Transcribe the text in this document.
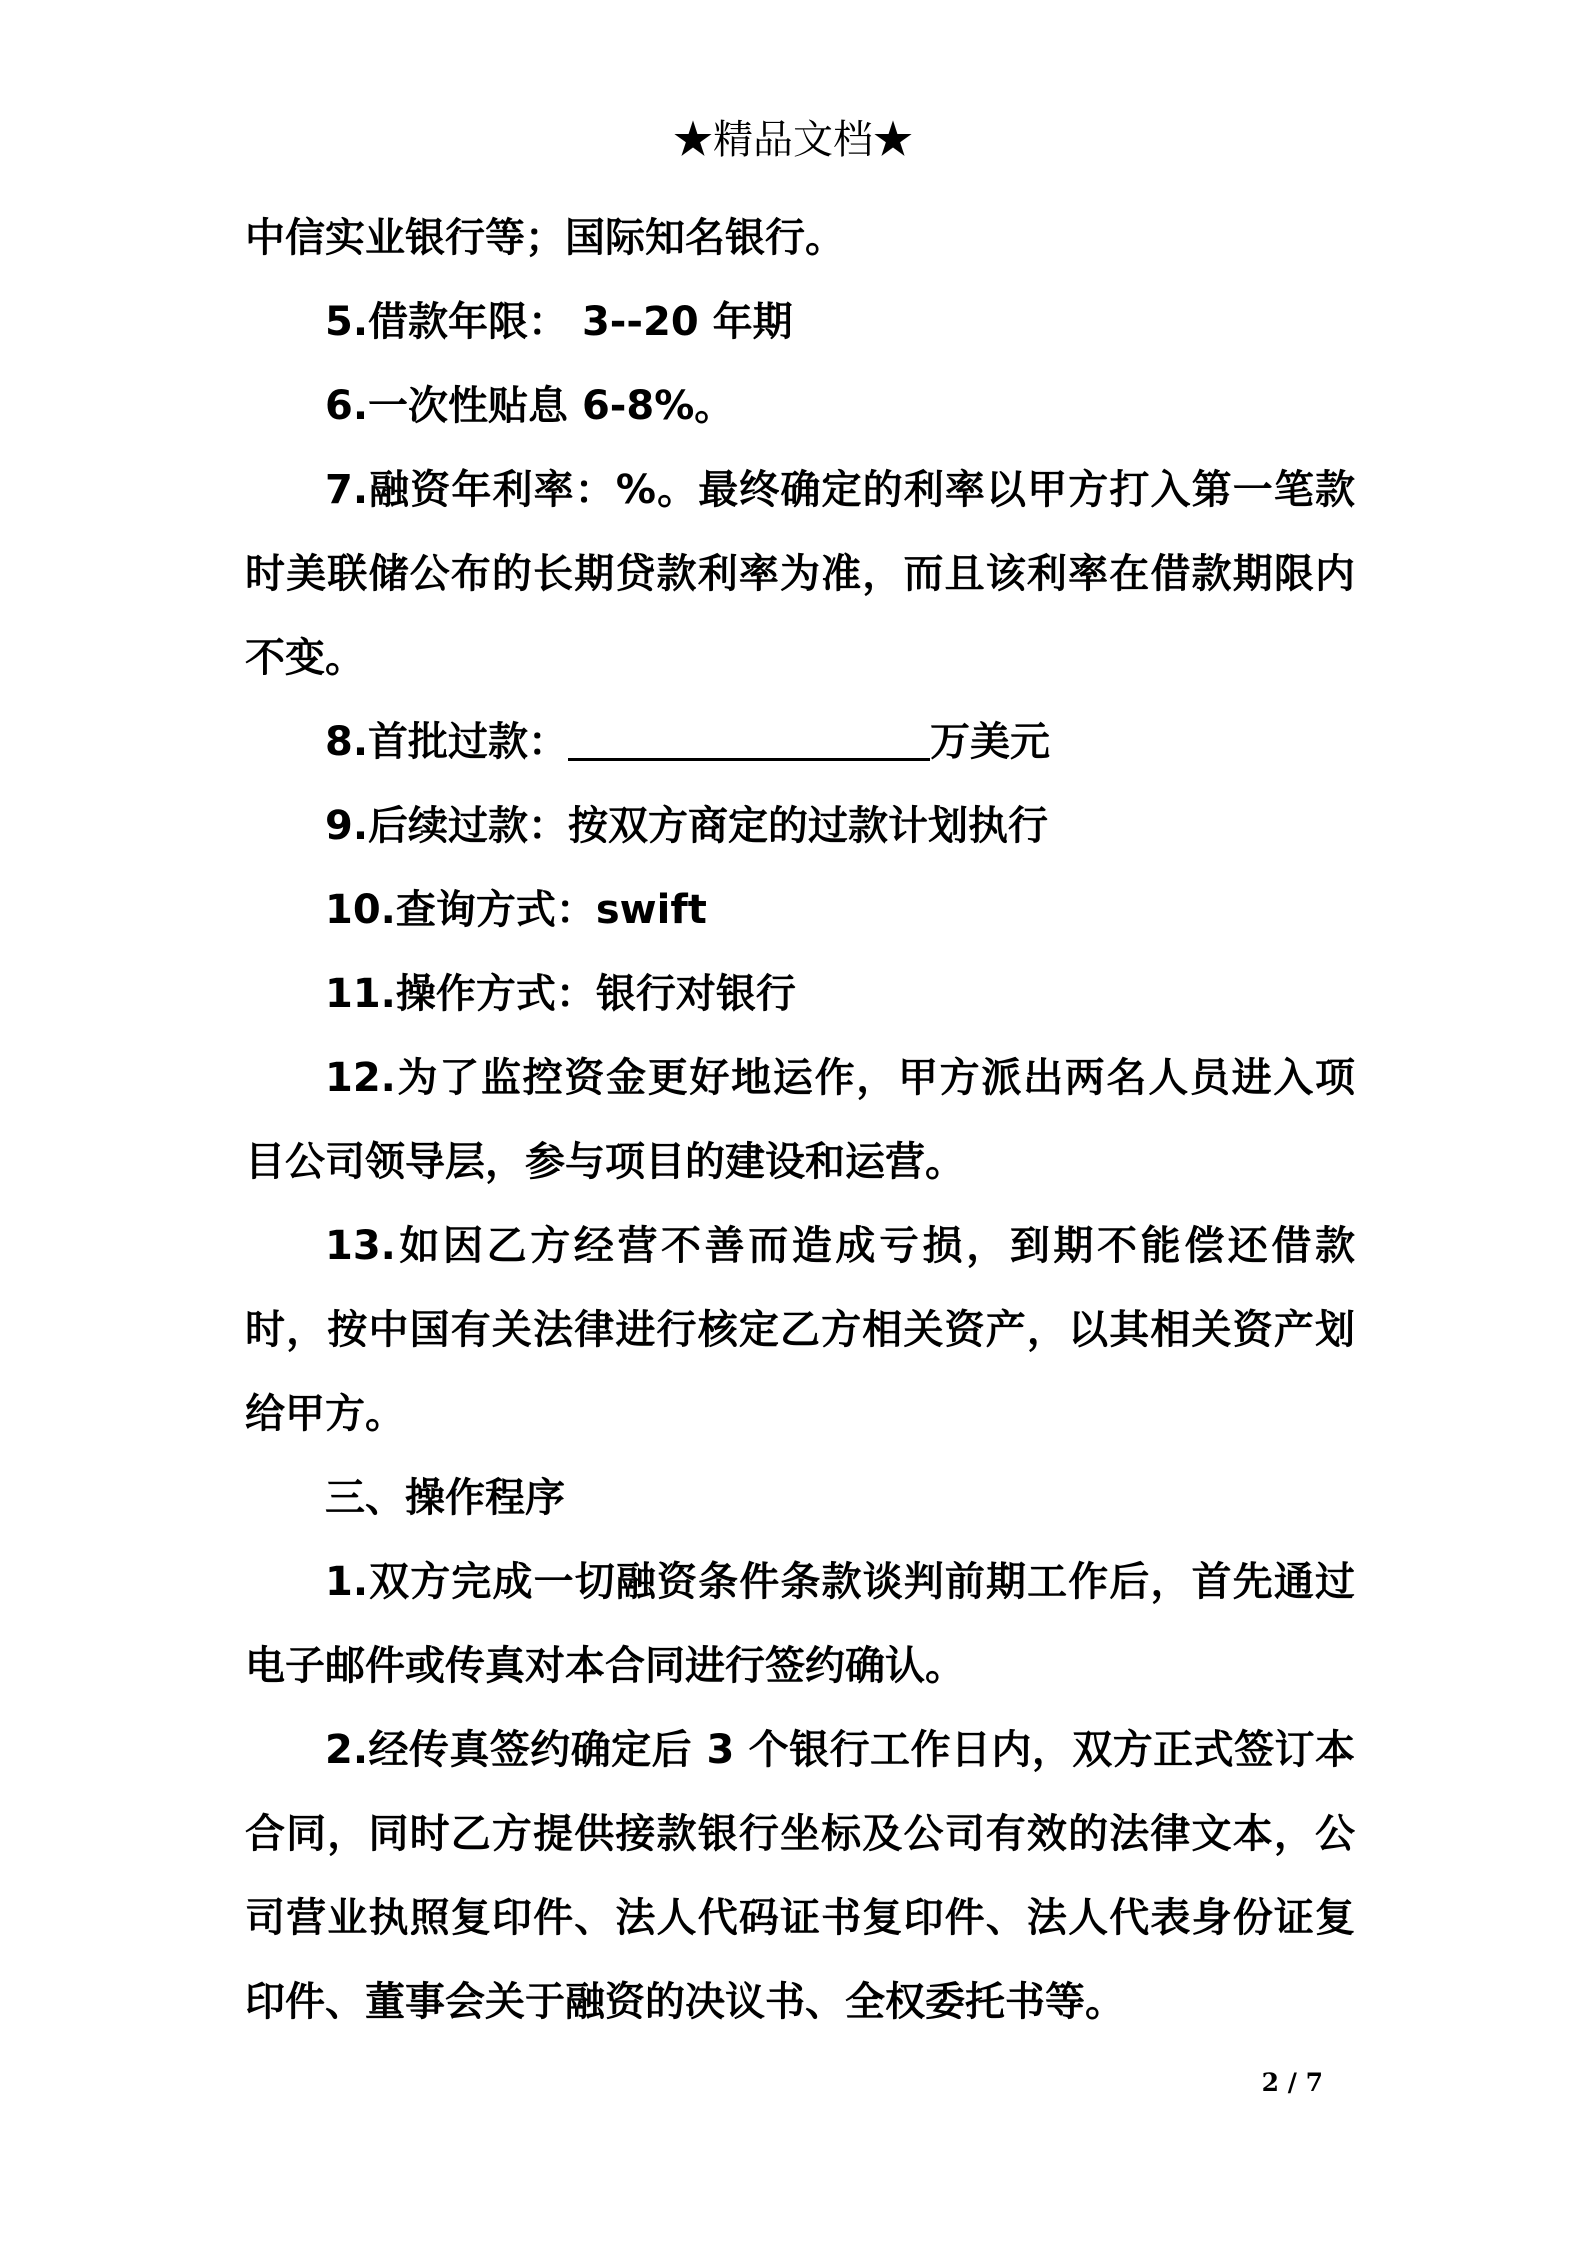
★精品文档★

中信实业银行等；国际知名银行。

5.借款年限： 3--20 年期

6.一次性贴息 6-8%。

7.融资年利率：%。最终确定的利率以甲方打入第一笔款时美联储公布的长期贷款利率为准，而且该利率在借款期限内不变。

8.首批过款：	万美元

9.后续过款：按双方商定的过款计划执行

10.查询方式：swift

11.操作方式：银行对银行

12.为了监控资金更好地运作，甲方派出两名人员进入项目公司领导层，参与项目的建设和运营。

13.如因乙方经营不善而造成亏损，到期不能偿还借款时，按中国有关法律进行核定乙方相关资产，以其相关资产划给甲方。

三、操作程序

1.双方完成一切融资条件条款谈判前期工作后，首先通过电子邮件或传真对本合同进行签约确认。

2.经传真签约确定后 3 个银行工作日内，双方正式签订本合同，同时乙方提供接款银行坐标及公司有效的法律文本，公司营业执照复印件、法人代码证书复印件、法人代表身份证复印件、董事会关于融资的决议书、全权委托书等。

2 / 7
